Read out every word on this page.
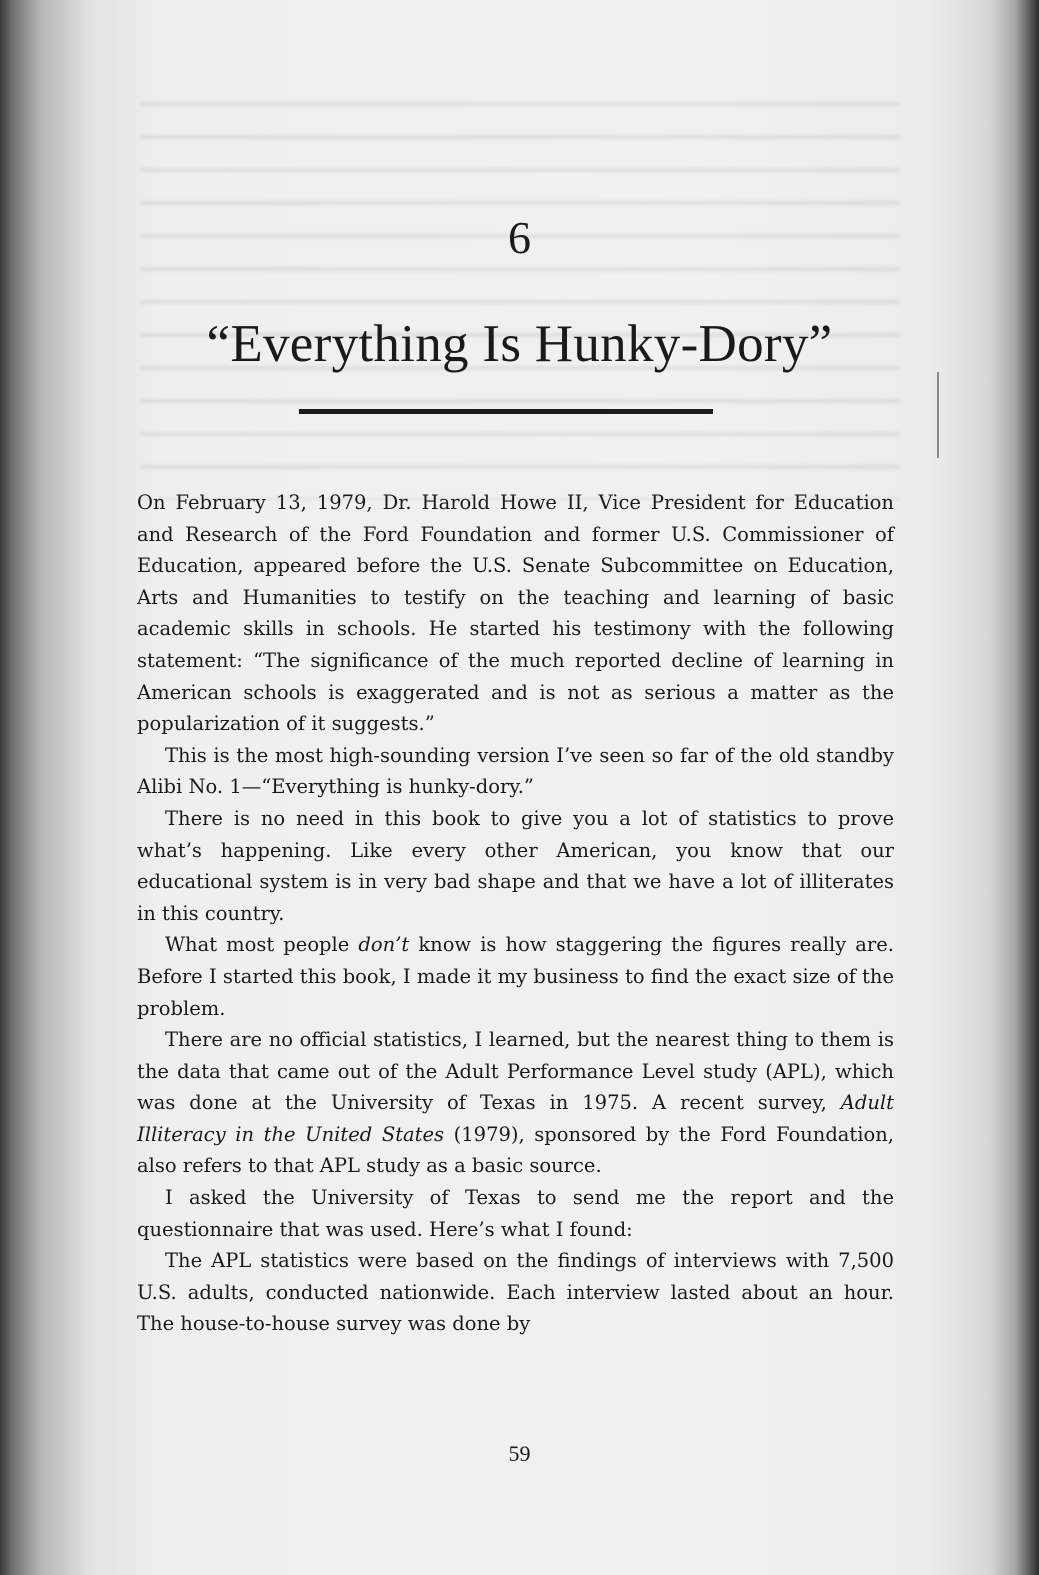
6
“Everything Is Hunky-Dory”

On February 13, 1979, Dr. Harold Howe II, Vice President for Education and Research of the Ford Foundation and former U.S. Commissioner of Education, appeared before the U.S. Senate Subcommittee on Education, Arts and Humanities to testify on the teaching and learning of basic academic skills in schools. He started his testimony with the following statement: “The significance of the much reported decline of learning in American schools is exaggerated and is not as serious a matter as the popularization of it suggests.”

This is the most high-sounding version I’ve seen so far of the old standby Alibi No. 1—“Everything is hunky-dory.”

There is no need in this book to give you a lot of statistics to prove what’s happening. Like every other American, you know that our educational system is in very bad shape and that we have a lot of illiterates in this country.

What most people don’t know is how staggering the figures really are. Before I started this book, I made it my business to find the exact size of the problem.

There are no official statistics, I learned, but the nearest thing to them is the data that came out of the Adult Performance Level study (APL), which was done at the University of Texas in 1975. A recent survey, Adult Illiteracy in the United States (1979), sponsored by the Ford Foundation, also refers to that APL study as a basic source.

I asked the University of Texas to send me the report and the questionnaire that was used. Here’s what I found:

The APL statistics were based on the findings of interviews with 7,500 U.S. adults, conducted nationwide. Each interview lasted about an hour. The house-to-house survey was done by

59
